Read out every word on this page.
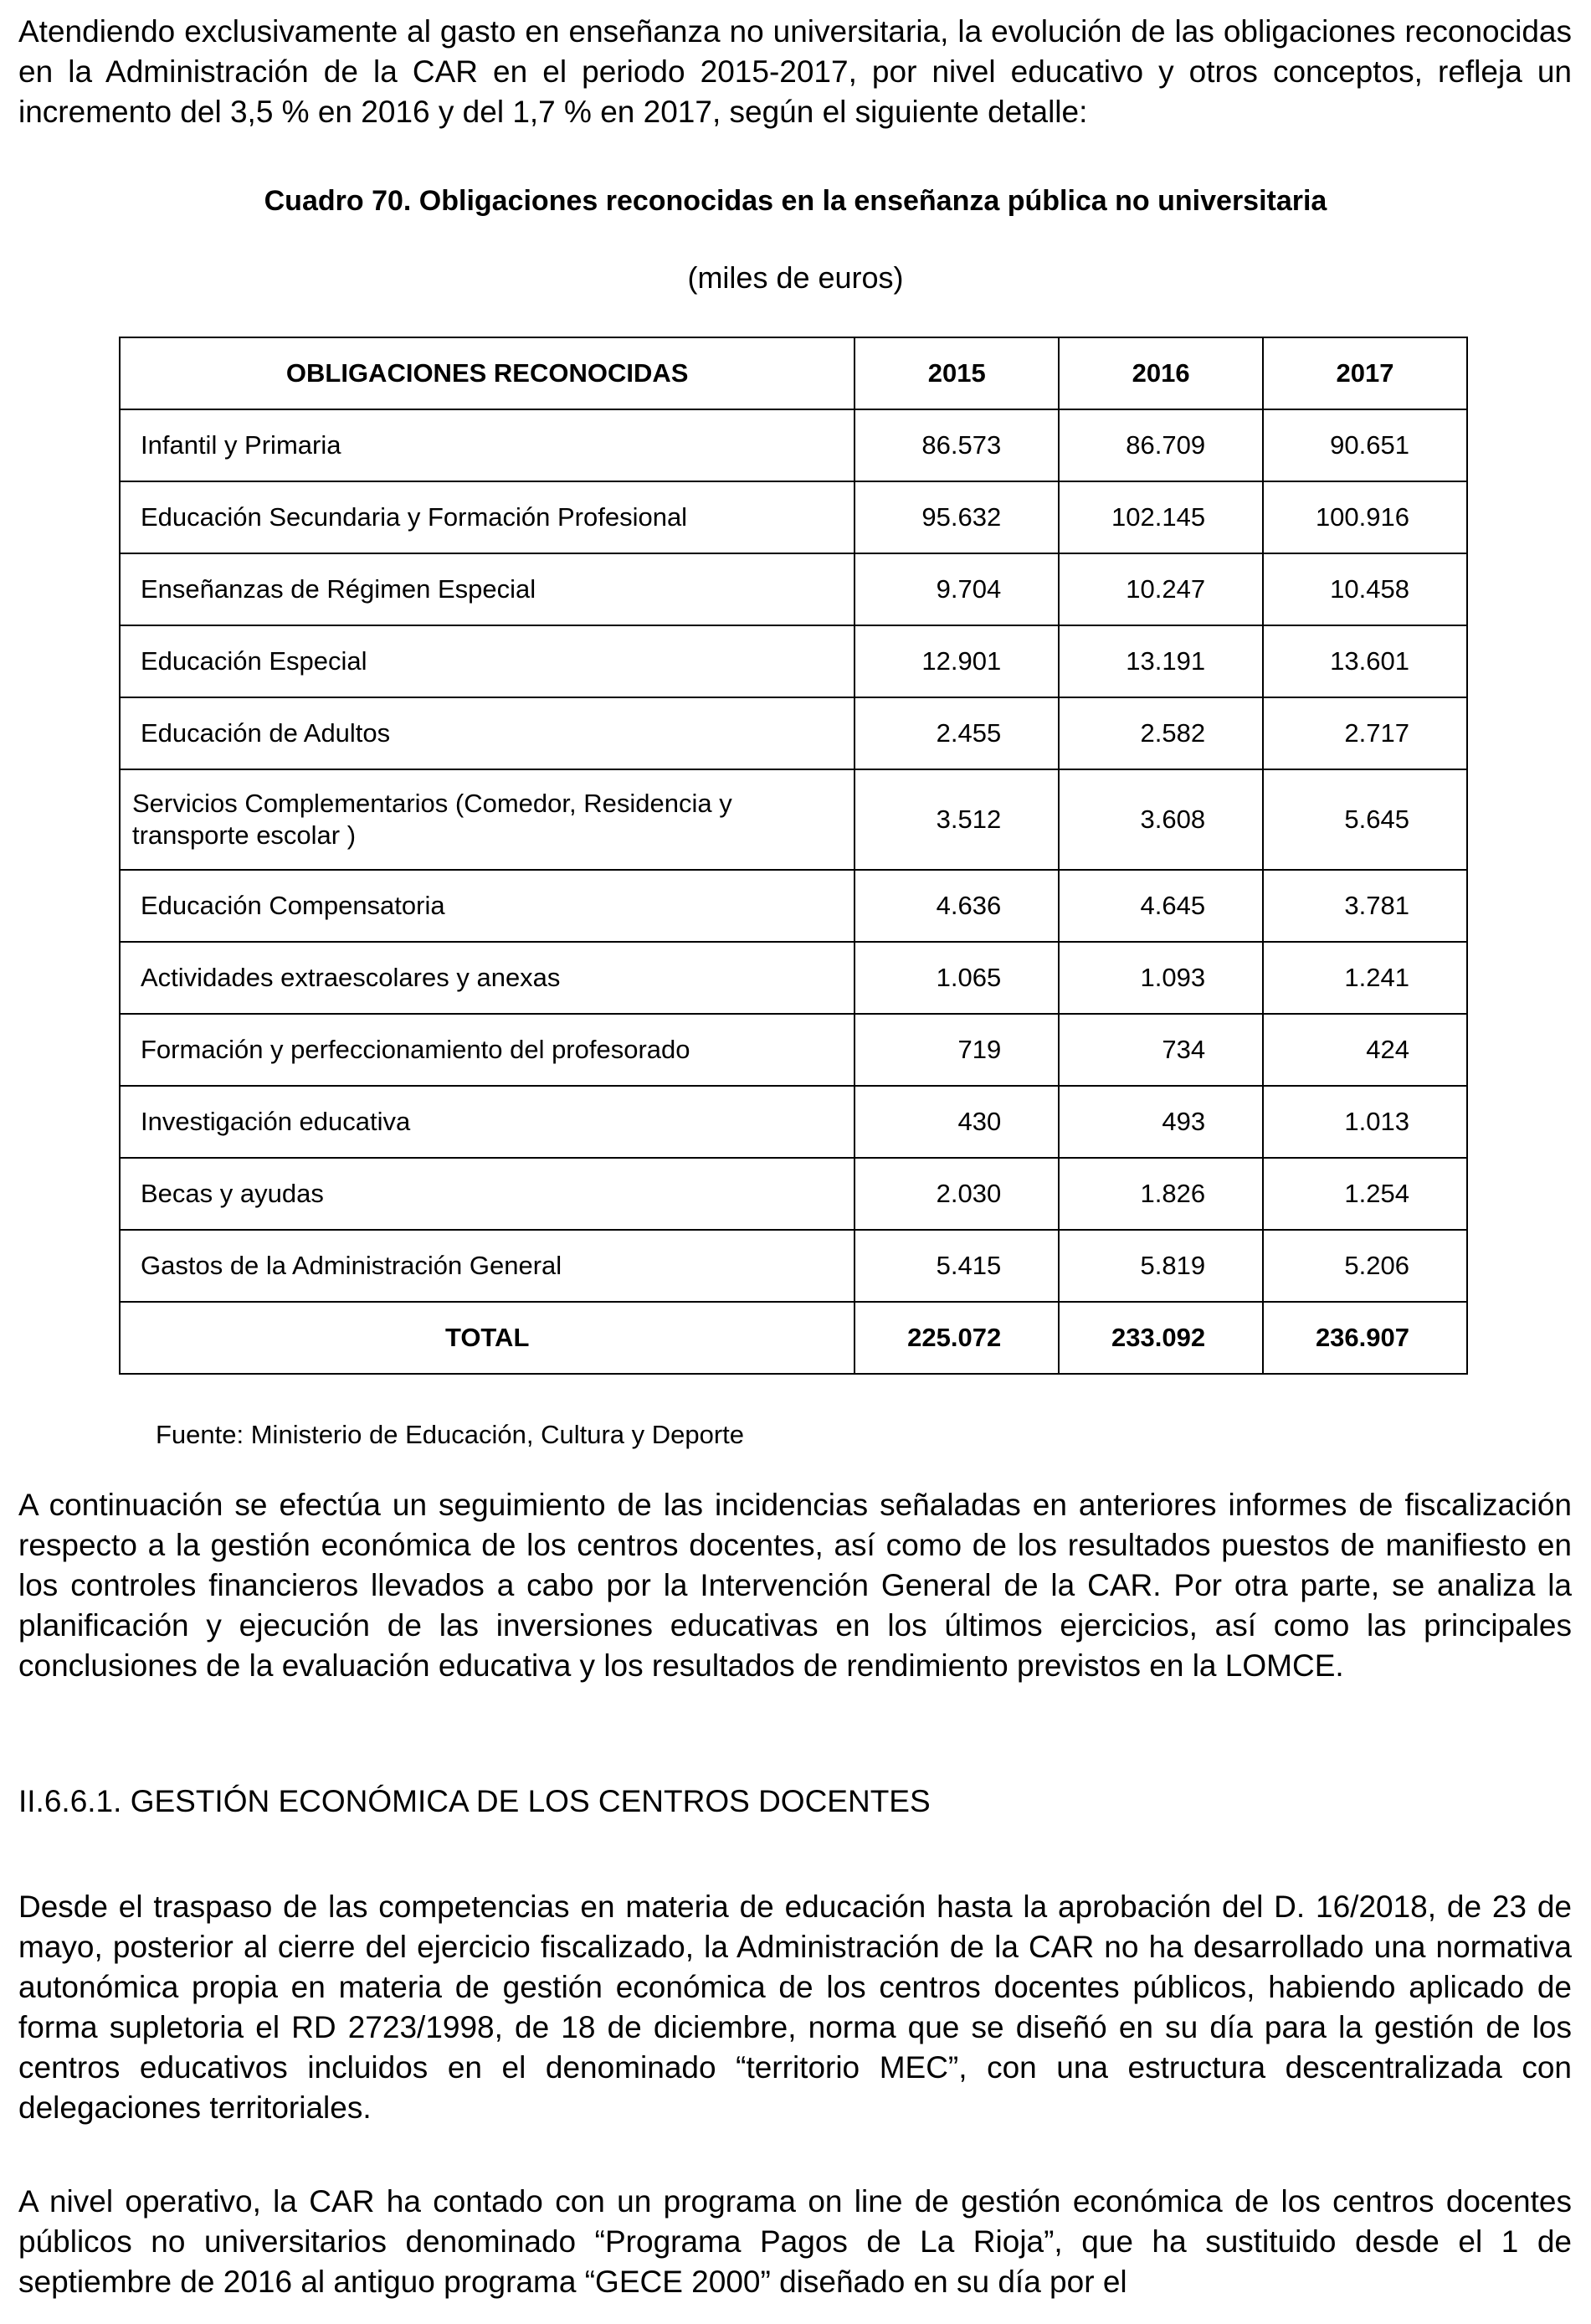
Atendiendo exclusivamente al gasto en enseñanza no universitaria, la evolución de las obligaciones reconocidas en la Administración de la CAR en el periodo 2015-2017, por nivel educativo y otros conceptos, refleja un incremento del 3,5 % en 2016 y del 1,7 % en 2017, según el siguiente detalle:

Cuadro 70. Obligaciones reconocidas en la enseñanza pública no universitaria

(miles de euros)

OBLIGACIONES RECONOCIDAS	2015	2016	2017
Infantil y Primaria	86.573	86.709	90.651
Educación Secundaria y Formación Profesional	95.632	102.145	100.916
Enseñanzas de Régimen Especial	9.704	10.247	10.458
Educación Especial	12.901	13.191	13.601
Educación de Adultos	2.455	2.582	2.717
Servicios Complementarios (Comedor, Residencia y transporte escolar )	3.512	3.608	5.645
Educación Compensatoria	4.636	4.645	3.781
Actividades extraescolares y anexas	1.065	1.093	1.241
Formación y perfeccionamiento del profesorado	719	734	424
Investigación educativa	430	493	1.013
Becas y ayudas	2.030	1.826	1.254
Gastos de la Administración General	5.415	5.819	5.206
TOTAL	225.072	233.092	236.907

Fuente: Ministerio de Educación, Cultura y Deporte

A continuación se efectúa un seguimiento de las incidencias señaladas en anteriores informes de fiscalización respecto a la gestión económica de los centros docentes, así como de los resultados puestos de manifiesto en los controles financieros llevados a cabo por la Intervención General de la CAR. Por otra parte, se analiza la planificación y ejecución de las inversiones educativas en los últimos ejercicios, así como las principales conclusiones de la evaluación educativa y los resultados de rendimiento previstos en la LOMCE.

II.6.6.1. GESTIÓN ECONÓMICA DE LOS CENTROS DOCENTES

Desde el traspaso de las competencias en materia de educación hasta la aprobación del D. 16/2018, de 23 de mayo, posterior al cierre del ejercicio fiscalizado, la Administración de la CAR no ha desarrollado una normativa autonómica propia en materia de gestión económica de los centros docentes públicos, habiendo aplicado de forma supletoria el RD 2723/1998, de 18 de diciembre, norma que se diseñó en su día para la gestión de los centros educativos incluidos en el denominado “territorio MEC”, con una estructura descentralizada con delegaciones territoriales.

A nivel operativo, la CAR ha contado con un programa on line de gestión económica de los centros docentes públicos no universitarios denominado “Programa Pagos de La Rioja”, que ha sustituido desde el 1 de septiembre de 2016 al antiguo programa “GECE 2000” diseñado en su día por el
